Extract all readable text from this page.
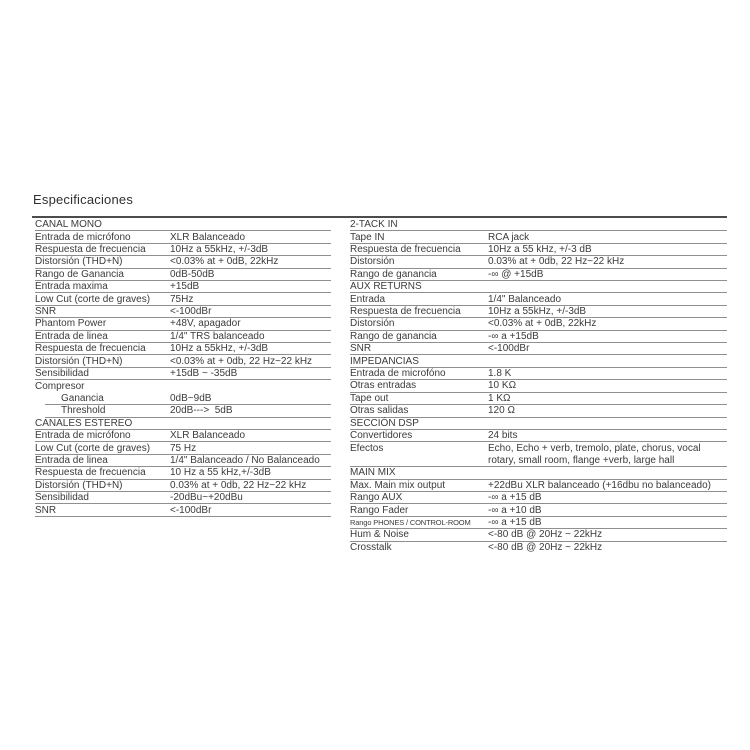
Especificaciones
CANAL MONO
Entrada de micrófono	XLR Balanceado
Respuesta de frecuencia	10Hz a 55kHz, +/-3dB
Distorsión (THD+N)	<0.03% at + 0dB, 22kHz
Rango de Ganancia	0dB-50dB
Entrada maxima	+15dB
Low Cut (corte de graves)	75Hz
SNR	<-100dBr
Phantom Power	+48V, apagador
Entrada de linea	1/4" TRS balanceado
Respuesta de frecuencia	10Hz a 55kHz, +/-3dB
Distorsión (THD+N)	<0.03% at + 0db, 22 Hz~22 kHz
Sensibilidad	+15dB ~ -35dB
Compresor
Ganancia	0dB~9dB
Threshold	20dB--->  5dB
CANALES ESTEREO
Entrada de micrófono	XLR Balanceado
Low Cut (corte de graves)	75 Hz
Entrada de linea	1/4" Balanceado / No Balanceado
Respuesta de frecuencia	10 Hz a 55 kHz,+/-3dB
Distorsión (THD+N)	0.03% at + 0db, 22 Hz~22 kHz
Sensibilidad	-20dBu~+20dBu
SNR	<-100dBr
2-TACK IN
Tape IN	RCA jack
Respuesta de frecuencia	10Hz a 55 kHz, +/-3 dB
Distorsión	0.03% at + 0db, 22 Hz~22 kHz
Rango de ganancia	-∞ @ +15dB
AUX RETURNS
Entrada	1/4" Balanceado
Respuesta de frecuencia	10Hz a 55kHz, +/-3dB
Distorsión	<0.03% at + 0dB, 22kHz
Rango de ganancia	-∞ a +15dB
SNR	<-100dBr
IMPEDANCIAS
Entrada de microfóno	1.8 K
Otras entradas	10 KΩ
Tape out	1 KΩ
Otras salidas	120 Ω
SECCIÓN DSP
Convertidores	24 bits
Efectos	Echo, Echo + verb, tremolo, plate, chorus, vocal rotary, small room, flange +verb, large hall
MAIN MIX
Max. Main mix output	+22dBu XLR balanceado (+16dbu no balanceado)
Rango AUX	-∞ a +15 dB
Rango Fader	-∞ a +10 dB
Rango PHONES / CONTROL-ROOM	-∞ a +15 dB
Hum & Noise	<-80 dB @ 20Hz ~ 22kHz
Crosstalk	<-80 dB @ 20Hz ~ 22kHz
